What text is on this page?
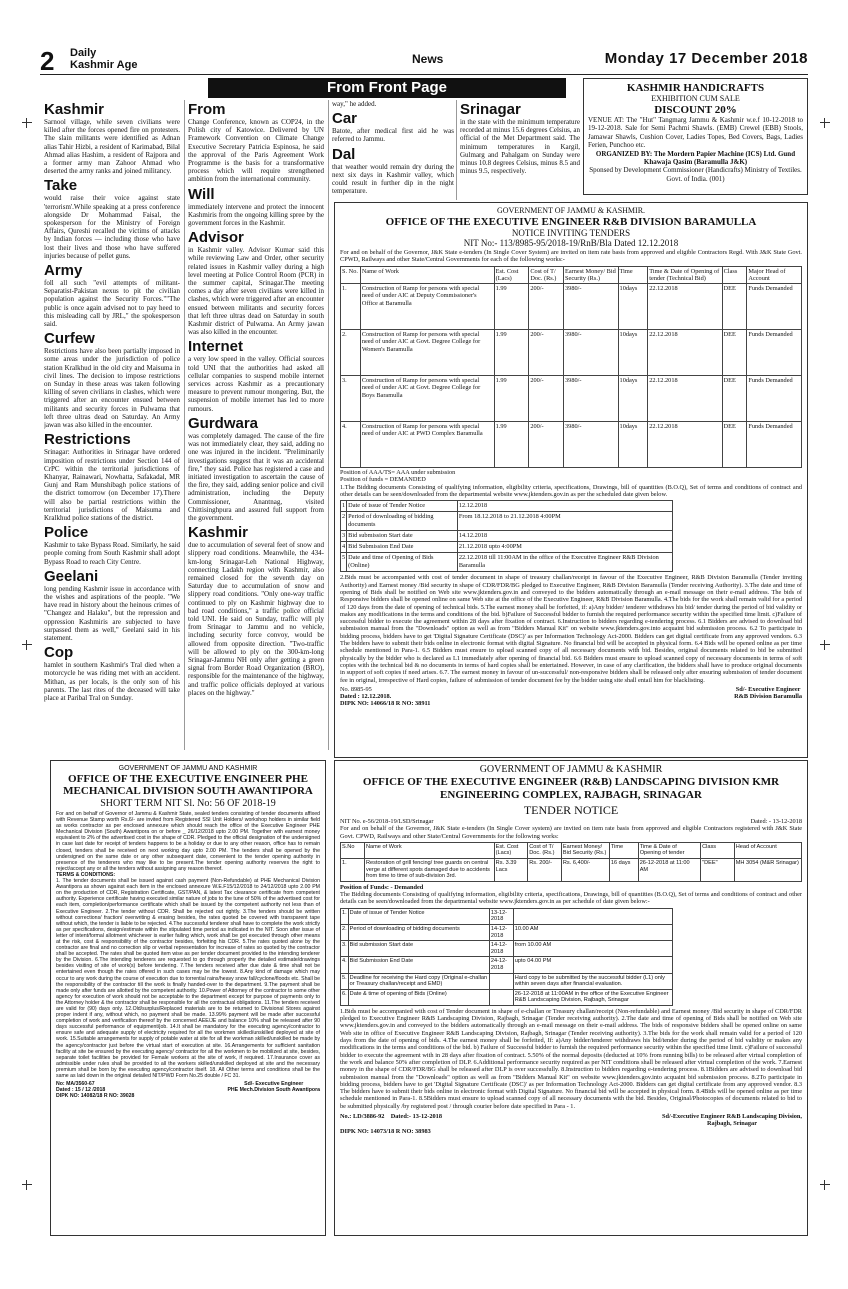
2 Daily
Kashmir Age	News	Monday 17 December 2018
From Front Page
Kashmir

Sarnool village, while seven civilians were killed after the forces opened fire on protesters. The slain militants were identified as Adnan alias Tahir Hizbi, a resident of Karimabad, Bilal Ahmad alias Hashim, a resident of Rajpora and a former army man Zahoor Ahmad who deserted the army ranks and joined militancy.

Take

would raise their voice against state 'terrorism'.While speaking at a press conference alongside Dr Mohammad Faisal, the spokesperson for the Ministry of Foreign Affairs, Qureshi recalled the victims of attacks by Indian forces — including those who have lost their lives and those who have suffered injuries because of pellet guns.

Army

foll all such "evil attempts of militant-Separatist-Pakistan nexus to pit the civilian population against the Security Forces.""The public is once again advised not to pay heed to this misleading call by JRL," the spokesperson said.

Curfew

Restrictions have also been partially imposed in some areas under the jurisdiction of police station Kralkhud in the old city and Maisuma in civil lines. The decision to impose restrictions on Sunday in these areas was taken following killing of seven civilians in clashes, which were triggered after an encounter ensued between militants and security forces in Pulwama that left three ultras dead on Saturday. An Army jawan was also killed in the encounter.

Restrictions

Srinagar: Authorities in Srinagar have ordered imposition of restrictions under Section 144 of CrPC within the territorial jurisdictions of Khanyar, Rainawari, Nowhatta, Safakadal, MR Gunj and Ram Munshibagh police stations of the district tomorrow (on December 17).There will also be partial restrictions within the territorial jurisdictions of Maisuma and Kralkhud police stations of the district.

Police

Kashmir to take Bypass Road. Similarly, he said people coming from South Kashmir shall adopt Bypass Road to reach City Centre.

Geelani

long pending Kashmir issue in accordance with the wishes and aspirations of the people. "We have read in history about the heinous crimes of "Changez and Halaku", but the repression and oppression Kashmiris are subjected to have surpassed them as well," Geelani said in his statement.

Cop

hamlet in southern Kashmir's Tral died when a motorcycle he was riding met with an accident. Mithan, as per locals, is the only son of his parents. The last rites of the deceased will take place at Paribal Tral on Sunday.

From

Change Conference, known as COP24, in the Polish city of Katowice. Delivered by UN Framework Convention on Climate Change Executive Secretary Patricia Espinosa, he said the approval of the Paris Agreement Work Programme is the basis for a transformative process which will require strengthened ambition from the international community.

Will

immediately intervene and protect the innocent Kashmiris from the ongoing killing spree by the government forces in the Kashmir.

Advisor

in Kashmir valley. Advisor Kumar said this while reviewing Law and Order, other security related issues in Kashmir valley during a high level meeting at Police Control Room (PCR) in the summer capital, Srinagar.The meeting comes a day after seven civilians were killed in clashes, which were triggered after an encounter ensued between militants and security forces that left three ultras dead on Saturday in south Kashmir district of Pulwama. An Army jawan was also killed in the encounter.

Internet

a very low speed in the valley. Official sources told UNI that the authorities had asked all cellular companies to suspend mobile internet services across Kashmir as a precautionary measure to prevent rumour mongering. But, the suspension of mobile internet has led to more rumours.

Gurdwara

was completely damaged. The cause of the fire was not immediately clear, they said, adding no one was injured in the incident. "Preliminarily investigations suggest that it was an accidental fire," they said. Police has registered a case and initiated investigation to ascertain the cause of the fire, they said, adding senior police and civil administration, including the Deputy Commissioner, Anantnag, visited Chittisinghpura and assured full support from the government.

Kashmir

due to accumulation of several feet of snow and slippery road conditions. Meanwhile, the 434-km-long Srinagar-Leh National Highway, connecting Ladakh region with Kashmir, also remained closed for the seventh day on Saturday due to accumulation of snow and slippery road conditions. "Only one-way traffic continued to ply on Kashmir highway due to bad road conditions," a traffic police official told UNI. He said on Sunday, traffic will ply from Srinagar to Jammu and no vehicle, including security force convoy, would be allowed from opposite direction. "Two-traffic will be allowed to ply on the 300-km-long Srinagar-Jammu NH only after getting a green signal from Border Road Organization (BRO), responsible for the maintenance of the highway, and traffic police officials deployed at various places on the highway."

way," he added.

Car

Batote, after medical first aid he was referred to Jammu.

Dal

that weather would remain dry during the next six days in Kashmir valley, which could result in further dip in the night temperature.

Srinagar

in the state with the minimum temperature recorded at minus 15.6 degrees Celsius, an official of the Met Department said. The minimum temperatures in Kargil, Gulmarg and Pahalgam on Sunday were minus 10.8 degrees Celsius, minus 8.5 and minus 9.5, respectively.

KASHMIR HANDICRAFTS
EXHIBITION CUM SALE
DISCOUNT 20%
VENUE AT: The "Hut" Tangmarg Jammu & Kashmir w.e.f 10-12-2018 to 19-12-2018. Sale for Semi Pachmi Shawls. (EMB) Crewel (EBB) Stools, Jamawar Shawls, Cushion Cover, Ladies Topes, Bed Covers, Bags, Ladies Ferien, Punchoo etc.
ORGANIZED BY: The Mordern Papier Machine (ICS) Ltd. Gund Khawaja Qasim (Baramulla J&K)
Sponsed by Development Commissioner (Handicrafts) Ministry of Textiles. Govt. of India. (001)
GOVERNMENT OF JAMMU & KASHMIR.
OFFICE OF THE EXECUTIVE ENGINEER R&B DIVISION BARAMULLA
NOTICE INVITING TENDERS
NIT No:- 113/8985-95/2018-19/RnB/Bla Dated 12.12.2018
For and on behalf of the Governor, J&K State e-tenders (In Single Cover System) are invited on item rate basis from approved and eligible Contractors Regd. With J&K State Govt. CPWD, Railways and other State/Central Governments for each of the following works:-
S. No.	Name of Work	Est. Cost (Lacs)	Cost of T/ Doc. (Rs.)	Earnest Money/ Bid Security (Rs.)	Time	Time & Date of Opening of tender (Technical Bid)	Class	Major Head of Account
1.	Construction of Ramp for persons with special need of under AIC at Deputy Commissioner's Office at Baramulla	1.99	200/-	3980/-	10days	22.12.2018	DEE	Funds Demanded
2.	Construction of Ramp for persons with special need of under AIC at Govt. Degree College for Women's Baramulla	1.99	200/-	3980/-	10days	22.12.2018	DEE	Funds Demanded
3.	Construction of Ramp for persons with special need of under AIC at Govt. Degree College for Boys Baramulla	1.99	200/-	3980/-	10days	22.12.2018	DEE	Funds Demanded
4.	Construction of Ramp for persons with special need of under AIC at PWD Complex Baramulla	1.99	200/-	3980/-	10days	22.12.2018	DEE	Funds Demanded
Position of AAA/TS= AAA under submission
Position of funds = DEMANDED
1.The Bidding documents Consisting of qualifying information, eligibility criteria, specifications, Drawings, bill of quantities (B.O.Q), Set of terms and conditions of contract and other details can be seen/downloaded from the departmental website www.jktenders.gov.in as per the scheduled date given below.
1	Date of issue of Tender Notice	12.12.2018
2	Period of downloading of bidding documents	From 18.12.2018 to 21.12.2018 4:00PM
3	Bid submission Start date	14.12.2018
4	Bid Submission End Date	21.12.2018 upto 4:00PM
5	Date and time of Opening of Bids (Online)	22.12.2018 till 11:00AM in the office of the Executive Engineer R&B Division Baramulla
2.Bids must be accompanied with cost of tender document in shape of treasury challan/receipt in favour of the Executive Engineer, R&B Division Baramulla (Tender inviting Authority) and Earnest money /Bid security in shape of CDR/FDR/BG pledged to Executive Engineer, R&B Division Baramulla (Tender receiving Authority). 3.The date and time of opening of Bids shall be notified on Web site www.jktenders.gov.in and conveyed to the bidders automatically through an e-mail message on their e-mail address. The bids of Responsive bidders shall be opened online on same Web site at the office of the Executive Engineer, R&B Division Baramulla. 4.The bids for the work shall remain valid for a period of 120 days from the date of opening of technical bids. 5.The earnest money shall be forfeited, if: a)Any bidder/ tenderer withdraws his bid/ tender during the period of bid validity or makes any modifications in the terms and conditions of the bid. b)Failure of Successful bidder to furnish the required performance security within the specified time limit. c)Failure of successful bidder to execute the agreement within 28 days after fixation of contract. 6.Instruction to bidders regarding e-tendering process. 6.1 Bidders are advised to download bid submission manual from the "Downloads" option as well as from "Bidders Manual Kit" on website www.jktenders.gov.into acquaint bid submission process. 6.2 To participate in bidding process, bidders have to get 'Digital Signature Certificate (DSC)' as per Information Technology Act-2000. Bidders can get digital certificate from any approved vendors. 6.3 The bidders have to submit their bids online in electronic format with digital Signature. No financial bid will be accepted in physical form. 6.4 Bids will be opened online as per time schedule mentioned in Para-1. 6.5 Bidders must ensure to upload scanned copy of all necessary documents with bid. Besides, original documents related to bid be submitted physically by the bidder who is declared as L1 immediately after opening of financial bid. 6.6 Bidders must ensure to upload scanned copy of necessary documents in terms of soft copies with the technical bid & no documents in terms of hard copies shall be entertained. However, in case of any clarification, the bidders shall have to produce original documents in support of soft copies if need arises. 6.7. The earnest money in favour of un-successful/ non-responsive bidders shall be released only after ensuring submission of tender document fee in original, irrespective of Hard copies, failure of submission of tender document fee by the bidder using site shall entail him for blacklisting.
No. 8985-95
Dated : 12.12.2018.
DIPK NO: 14066/18 R NO: 38911
Sd/- Executive Engineer
R&B Division Baramulla
GOVERNMENT OF JAMMU AND KASHMIR
OFFICE OF THE EXECUTIVE ENGINEER PHE MECHANICAL DIVISION SOUTH AWANTIPORA
SHORT TERM NIT Sl. No: 56 OF 2018-19
For and on behalf of Governor of Jammu & Kashmir State, sealed tenders consisting of tender documents affixed with Revenue Stamp worth Rs.6/- are invited from Registered SSI Unit Holders/ workshop holders in similar field as works contractor as per enclosed annexure which should reach the office of the Executive Engineer PHE Mechanical Division (South) Awantipora on or before _ 26/12/2018 upto 2.00 PM. Together with earnest money equivalent to 2% of the advertised cost in the shape of CDR. Pledged to the official designation of the undersigned in case last date for receipt of tenders happens to be a holiday or due to any other reason, office has to remain closed, tenders shall be received on next working day upto 2.00 PM. The tenders shall be opened by the undersigned on the same date or any other subsequent date, convenient to the tender opening authority in presence of the tenderers who may like to be present.The tender opening authority reserves the right to reject/accept any or all the tenders without assigning any reason thereof.
TERMS & CONDITIONS:
1. The tender documents shall be issued against cash payment (Non-Refundable) at PHE Mechanical Division Awantipora as shown against each item in the enclosed annexure W.E.F15/12/2018 to 24/12/2018 upto 2.00 PM on the production of CDR, Registration Certificate, GST/PAN, & latest Tax clearance certificate from competent authority. Experience certificate having executed similar nature of jobs to the tune of 50% of the advertised cost for each item, completion/performance certificate which shall be issued by the competent authority not less than of Executive Engineer. 2.The tender without CDR. Shall be rejected out rightly. 3.The tenders should be written without corrections/ fraction/ overwriting & erasing besides, the rates quoted be covered with transparent tape without which, the tender is liable to be rejected. 4.The successful tenderer shall have to complete the work strictly as per specifications, design/estimate within the stipulated time period as indicated in the NIT. Soon after issue of letter of intent/formal allotment whichever is earlier failing which, work shall be got executed through other means at the risk, cost & responsibility of the contractor besides, forfeiting his CDR. 5.The rates quoted alone by the contractor are final and no correction slip or verbal representation for increase of rates so quoted by the contractor shall be accepted. The rates shall be quoted item wise as per tender document provided to the intending tenderer by the Division. 6.The intending tenderers are requested to go through properly the detailed estimate/drawings besides visiting of site of work(s) before tendering. 7.The tenders received after due date & time shall not be entertained even though the rates offered in such cases may be the lowest. 8.Any kind of damage which may occur to any work during the course of execution due to torrential rains/heavy snow fall/cyclone/floods etc. Shall be the responsibility of the contractor till the work is finally handed-over to the department. 9.The payment shall be made only after funds are allotted by the competent authority. 10.Power of Attorney of the contractor to some other agency for execution of work should not be acceptable to the department except for purpose of payments only to the Attorney holder & the contractor shall be responsible for all the contractual obligations. 11.The tenders received are valid for (90) days only. 12.Old/surplus/Replaced materials are to be returned to Divisional Stores against proper indent if any, without which, no payment shall be made. 13.99% payment will be made after successful completion of work and verification thereof by the concerned AEE/JE and balance 10% shall be released after 90 days successful performance of equipment/job. 14.It shall be mandatory for the executing agency/contractor to ensure safe and adequate supply of electricity required for all the workmen skilled/unskilled deployed at site of work. 15.Suitable arrangements for supply of potable water at site for all the workman skilled/unskilled be made by the agency/contractor just before the virtual start of execution at site. 16.Arrangements for sufficient sanitation facility at site be ensured by the executing agency/ contractor for all the workmen to be mobilized at site, besides, separate toilet facilities be provided for Female workers at the site of work, if required. 17.Insurance cover as admissible under rules shall be provided to all the workers skilled/unskilled deployed at site and the necessary premium shall be born by the executing agency/contractor itself. 18. All Other terms and conditions shall be the same as laid down in the original detailed NIT/PWD Form No.25 double / FC 31.
No: MA/3560-67
Dated : 15 / 12 /2018
DIPK NO: 14082/18 R NO: 39028
Sd/- Executive Engineer
PHE Mech.Division South Awantipora
GOVERNMENT OF JAMMU & KASHMIR
OFFICE OF THE EXECUTIVE ENGINEER (R&B) LANDSCAPING DIVISION KMR ENGINEERING COMPLEX, RAJBAGH, SRINAGAR
TENDER NOTICE
NIT No. e-56/2018-19/LSD/Srinagar	Dated: - 13-12-2018
For and on behalf of the Governor, J&K State e-tenders (In Single Cover system) are invited on item rate basis from approved and eligible Contractors registered with J&K State Govt. CPWD, Railways and other State/Central Governments for the following works:
S.No	Name of Work	Est. Cost (Lacs)	Cost of T/ Doc. (Rs.)	Earnest Money/ Bid Security (Rs.)	Time	Time & Date of Opening of tender	Class	Head of Account
1.	Restoration of grill fencing/ tree guards on central verge at different spots damaged due to accidents from time to time of sub-division 3rd.	Rs. 3.39 Lacs	Rs. 200/-	Rs. 6,400/-	16 days	26-12-2018 at 11:00 AM	"DEE"	MH 3054 (M&R Srinagar)
Position of Funds: - Demanded
The Bidding documents Consisting of qualifying information, eligibility criteria, specifications, Drawings, bill of quantities (B.O.Q), Set of terms and conditions of contract and other details can be seen/downloaded from the departmental website www.jktenders.gov.in as per schedule of date given below:-
1.	Date of issue of Tender Notice	13-12-2018	
2.	Period of downloading of bidding documents	14-12-2018	10.00 AM
3.	Bid submission Start date	14-12-2018	from 10.00 AM
4.	Bid Submission End Date	24-12-2018	upto 04.00 PM
5.	Deadline for receiving the Hard copy (Original e-challan or Treasury challan/receipt and EMD)		Hard copy to be submitted by the successful bidder (L1) only within seven days after financial evaluation.
6.	Date & time of opening of Bids (Online)		26-12-2018 at 11:00AM in the office of the Executive Engineer R&B Landscaping Division, Rajbagh, Srinagar
1.Bids must be accompanied with cost of Tender document in shape of e-challan or Treasury challan/receipt (Non-refundable) and Earnest money /Bid security in shape of CDR/FDR pledged to Executive Engineer R&B Landscaping Division, Rajbagh, Srinagar (Tender receiving authority). 2.The date and time of opening of Bids shall be notified on Web site www.jktenders.gov.in and conveyed to the bidders automatically through an e-mail message on their e-mail address. The bids of responsive bidders shall be opened online on same Web site in office of Executive Engineer R&B Landscaping Division, Rajbagh, Srinagar (Tender receiving authority). 3.The bids for the work shall remain valid for a period of 120 days from the date of opening of bids. 4.The earnest money shall be forfeited, If: a)Any bidder/tenderer withdraws his bid/tender during the period of bid validity or makes any modifications in the terms and conditions of the bid. b) Failure of Successful bidder to furnish the required performance security within the specified time limit. c)Failure of successful bidder to execute the agreement with in 28 days after fixation of contract. 5.50% of the normal deposits (deducted at 10% from running bills) to be released after virtual completion of the work and balance 50% after completion of DLP. 6.Additional performance security required as per NIT conditions shall be released after virtual completion of the work. 7.Earnest money in the shape of CDR/FDR/BG shall be released after DLP is over successfully. 8.Instruction to bidders regarding e-tendering process. 8.1Bidders are advised to download bid submission manual from the "Downloads" option as well as from "Bidders Manual Kit" on website www.jktenders.gov.into acquaint bid submission process. 8.2To participate in bidding process, bidders have to get 'Digital Signature Certificate (DSC)' as per Information Technology Act-2000. Bidders can get digital certificate from any approved vendor. 8.3 The bidders have to submit their bids online in electronic format with Digital Signature. No financial bid will be accepted in physical form. 8.4Bids will be opened online as per time schedule mentioned in Para-1. 8.5Bidders must ensure to upload scanned copy of all necessary documents with the bid. Besides, Original/Photocopies of documents related to bid to be submitted physically /by registered post / through courier before date specified in Para - 1.
No.: LD/3886-92 Dated:- 13-12-2018
DIPK NO: 14073/18 R NO: 38983
Sd/-Executive Engineer R&B Landscaping Division,
Rajbagh, Srinagar
